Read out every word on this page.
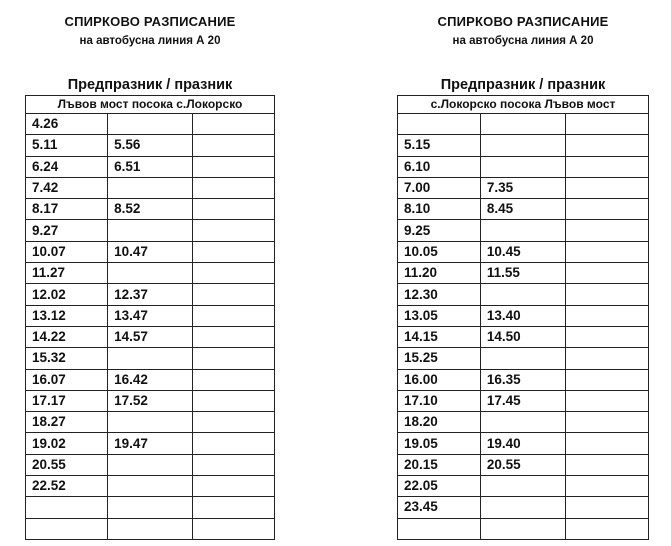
СПИРКОВО РАЗПИСАНИЕ
на автобусна линия А 20
Предпразник / празник
Лъвов мост посока с.Локорско		
4.26		
5.11	5.56	
6.24	6.51	
7.42		
8.17	8.52	
9.27		
10.07	10.47	
11.27		
12.02	12.37	
13.12	13.47	
14.22	14.57	
15.32		
16.07	16.42	
17.17	17.52	
18.27		
19.02	19.47	
20.55		
22.52		

СПИРКОВО РАЗПИСАНИЕ
на автобусна линия А 20
Предпразник / празник
с.Локорско посока Лъвов мост		

5.15		
6.10		
7.00	7.35	
8.10	8.45	
9.25		
10.05	10.45	
11.20	11.55	
12.30		
13.05	13.40	
14.15	14.50	
15.25		
16.00	16.35	
17.10	17.45	
18.20		
19.05	19.40	
20.15	20.55	
22.05		
23.45		
